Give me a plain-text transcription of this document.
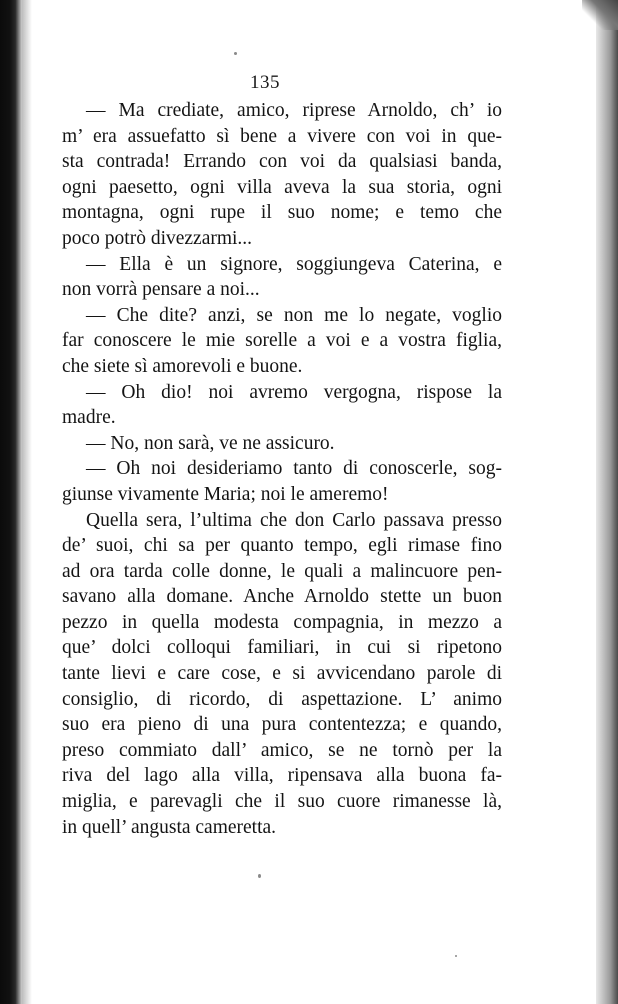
135
— Ma crediate, amico, riprese Arnoldo, ch’ io
m’ era assuefatto sì bene a vivere con voi in que-
sta contrada! Errando con voi da qualsiasi banda,
ogni paesetto, ogni villa aveva la sua storia, ogni
montagna, ogni rupe il suo nome; e temo che
poco potrò divezzarmi...
— Ella è un signore, soggiungeva Caterina, e
non vorrà pensare a noi...
— Che dite? anzi, se non me lo negate, voglio
far conoscere le mie sorelle a voi e a vostra figlia,
che siete sì amorevoli e buone.
— Oh dio! noi avremo vergogna, rispose la
madre.
— No, non sarà, ve ne assicuro.
— Oh noi desideriamo tanto di conoscerle, sog-
giunse vivamente Maria; noi le ameremo!
Quella sera, l’ultima che don Carlo passava presso
de’ suoi, chi sa per quanto tempo, egli rimase fino
ad ora tarda colle donne, le quali a malincuore pen-
savano alla domane. Anche Arnoldo stette un buon
pezzo in quella modesta compagnia, in mezzo a
que’ dolci colloqui familiari, in cui si ripetono
tante lievi e care cose, e si avvicendano parole di
consiglio, di ricordo, di aspettazione. L’ animo
suo era pieno di una pura contentezza; e quando,
preso commiato dall’ amico, se ne tornò per la
riva del lago alla villa, ripensava alla buona fa-
miglia, e parevagli che il suo cuore rimanesse là,
in quell’ angusta cameretta.
